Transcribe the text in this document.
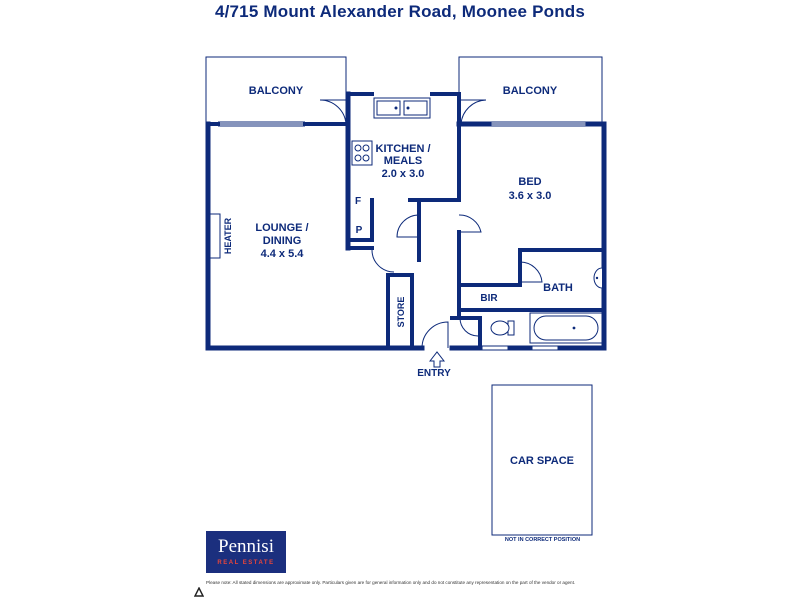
4/715 Mount Alexander Road, Moonee Ponds
BALCONY	BALCONY
KITCHEN /
MEALS
2.0 x 3.0
BED
3.6 x 3.0
LOUNGE /
DINING
4.4 x 5.4
HEATER
F
P
STORE	BIR
BATH
ENTRY
CAR SPACE
NOT IN CORRECT POSITION
Pennisi
REAL ESTATE
Please note: All stated dimensions are approximate only. Particulars given are for general information only and do not constitute any representation on the part of the vendor or agent.
